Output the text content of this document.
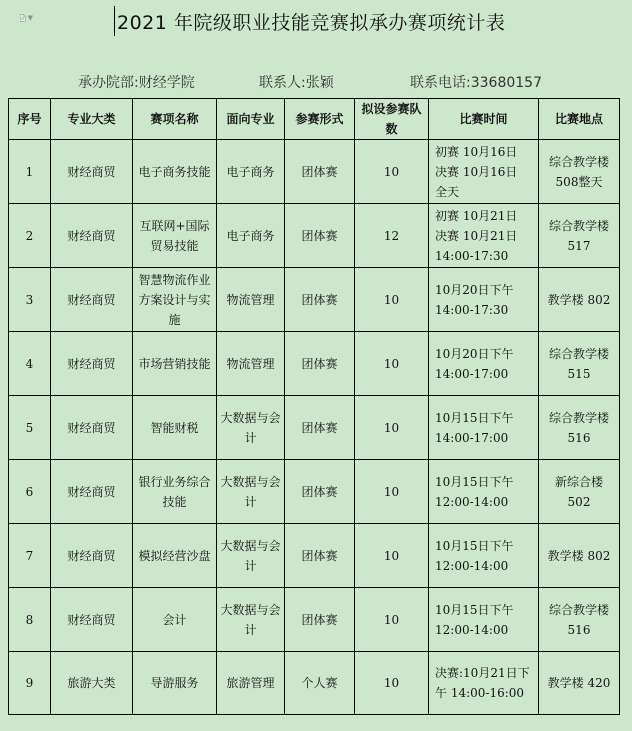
▼	2021 年院级职业技能竞赛拟承办赛项统计表
承办院部:财经学院	联系人:张颖	联系电话:33680157
序号	专业大类	赛项名称	面向专业	参赛形式	拟设参赛队数	比赛时间	比赛地点
1	财经商贸	电子商务技能	电子商务	团体赛	10	初赛 10月16日
决赛 10月16日
全天	综合教学楼508整天
2	财经商贸	互联网+国际贸易技能	电子商务	团体赛	12	初赛 10月21日
决赛 10月21日
14:00-17:30	综合教学楼 517
3	财经商贸	智慧物流作业方案设计与实施	物流管理	团体赛	10	10月20日下午
14:00-17:30	教学楼 802
4	财经商贸	市场营销技能	物流管理	团体赛	10	10月20日下午
14:00-17:00	综合教学楼 515
5	财经商贸	智能财税	大数据与会计	团体赛	10	10月15日下午
14:00-17:00	综合教学楼 516
6	财经商贸	银行业务综合技能	大数据与会计	团体赛	10	10月15日下午
12:00-14:00	新综合楼
502
7	财经商贸	模拟经营沙盘	大数据与会计	团体赛	10	10月15日下午
12:00-14:00	教学楼 802
8	财经商贸	会计	大数据与会计	团体赛	10	10月15日下午
12:00-14:00	综合教学楼 516
9	旅游大类	导游服务	旅游管理	个人赛	10	决赛:10月21日下午 14:00-16:00	教学楼 420
